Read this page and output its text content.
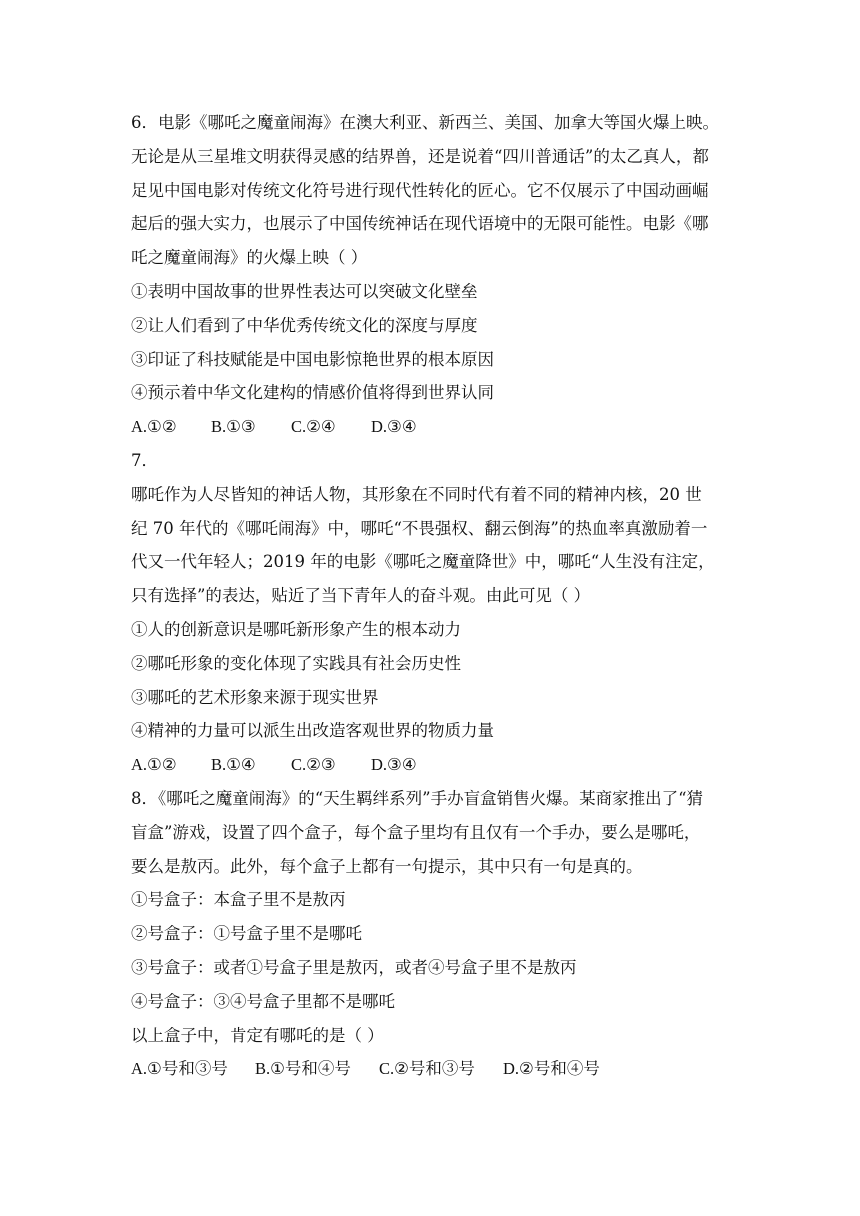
6．电影《哪吒之魔童闹海》在澳大利亚、新西兰、美国、加拿大等国火爆上映。
无论是从三星堆文明获得灵感的结界兽，还是说着“四川普通话”的太乙真人，都
足见中国电影对传统文化符号进行现代性转化的匠心。它不仅展示了中国动画崛
起后的强大实力，也展示了中国传统神话在现代语境中的无限可能性。电影《哪
吒之魔童闹海》的火爆上映（ ）
①表明中国故事的世界性表达可以突破文化壁垒
②让人们看到了中华优秀传统文化的深度与厚度
③印证了科技赋能是中国电影惊艳世界的根本原因
④预示着中华文化建构的情感价值将得到世界认同
A.①② B.①③ C.②④ D.③④
7．
哪吒作为人尽皆知的神话人物，其形象在不同时代有着不同的精神内核，20 世
纪 70 年代的《哪吒闹海》中，哪吒“不畏强权、翻云倒海”的热血率真激励着一
代又一代年轻人；2019 年的电影《哪吒之魔童降世》中，哪吒“人生没有注定，
只有选择”的表达，贴近了当下青年人的奋斗观。由此可见（ ）
①人的创新意识是哪吒新形象产生的根本动力
②哪吒形象的变化体现了实践具有社会历史性
③哪吒的艺术形象来源于现实世界
④精神的力量可以派生出改造客观世界的物质力量
A.①② B.①④ C.②③ D.③④
8．《哪吒之魔童闹海》的“天生羁绊系列”手办盲盒销售火爆。某商家推出了“猜
盲盒”游戏，设置了四个盒子，每个盒子里均有且仅有一个手办，要么是哪吒，
要么是敖丙。此外，每个盒子上都有一句提示，其中只有一句是真的。
①号盒子：本盒子里不是敖丙
②号盒子：①号盒子里不是哪吒
③号盒子：或者①号盒子里是敖丙，或者④号盒子里不是敖丙
④号盒子：③④号盒子里都不是哪吒
以上盒子中，肯定有哪吒的是（ ）
A.①号和③号 B.①号和④号 C.②号和③号 D.②号和④号
